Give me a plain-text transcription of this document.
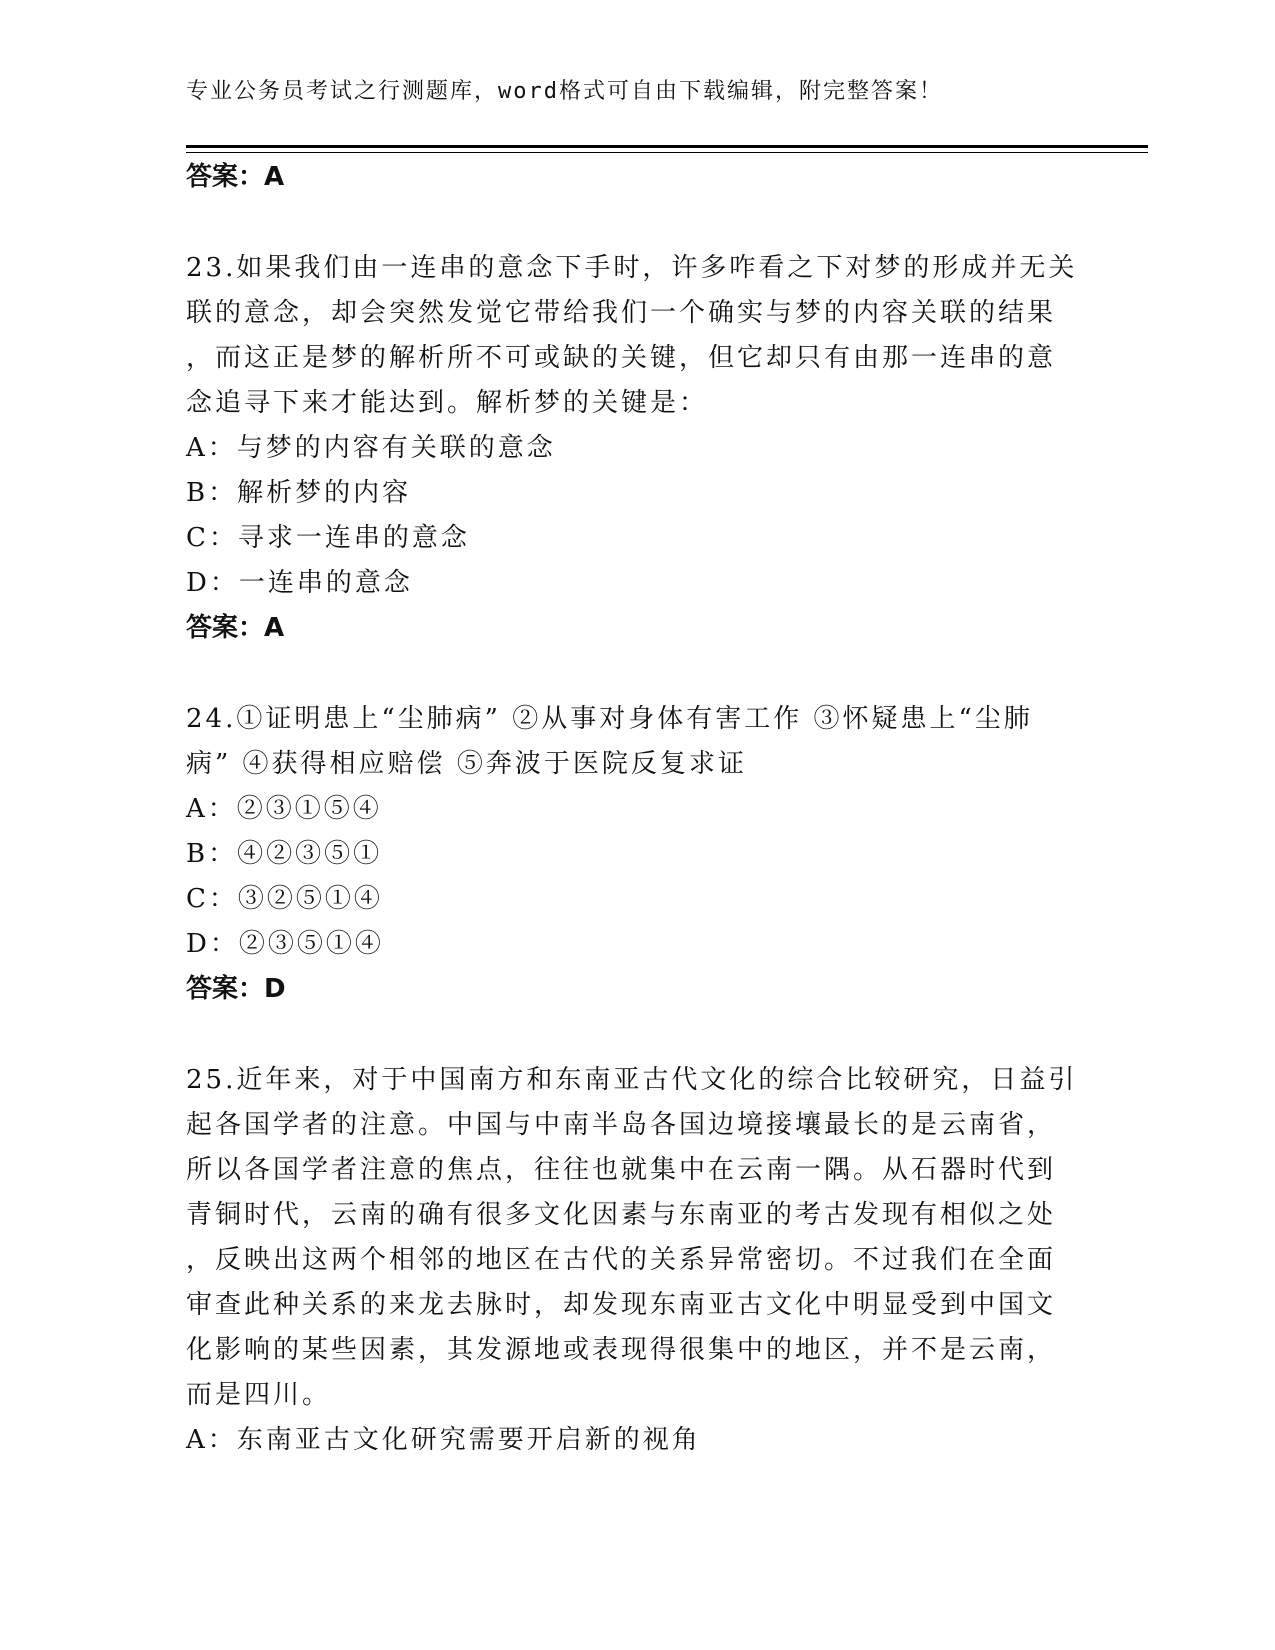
专业公务员考试之行测题库，word格式可自由下载编辑，附完整答案！

答案：A

23.如果我们由一连串的意念下手时，许多咋看之下对梦的形成并无关

联的意念，却会突然发觉它带给我们一个确实与梦的内容关联的结果

，而这正是梦的解析所不可或缺的关键，但它却只有由那一连串的意

念追寻下来才能达到。解析梦的关键是：

A：与梦的内容有关联的意念

B：解析梦的内容

C：寻求一连串的意念

D：一连串的意念

答案：A

24.①证明患上“尘肺病” ②从事对身体有害工作 ③怀疑患上“尘肺

病” ④获得相应赔偿 ⑤奔波于医院反复求证

A：②③①⑤④

B：④②③⑤①

C：③②⑤①④

D：②③⑤①④

答案：D

25.近年来，对于中国南方和东南亚古代文化的综合比较研究，日益引

起各国学者的注意。中国与中南半岛各国边境接壤最长的是云南省，

所以各国学者注意的焦点，往往也就集中在云南一隅。从石器时代到

青铜时代，云南的确有很多文化因素与东南亚的考古发现有相似之处

，反映出这两个相邻的地区在古代的关系异常密切。不过我们在全面

审查此种关系的来龙去脉时，却发现东南亚古文化中明显受到中国文

化影响的某些因素，其发源地或表现得很集中的地区，并不是云南，

而是四川。

A：东南亚古文化研究需要开启新的视角
